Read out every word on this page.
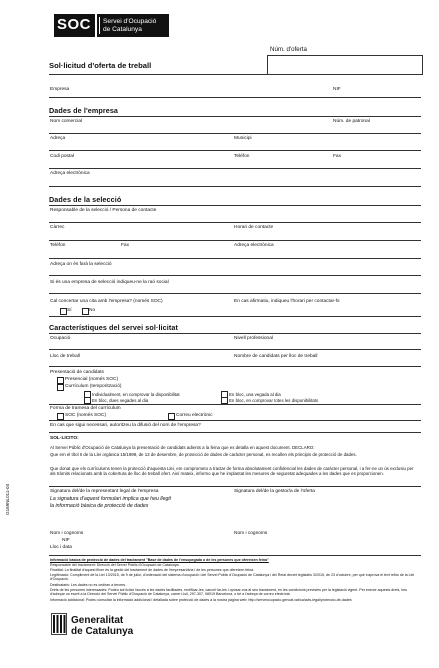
SOC Servei d'Ocupació
de Catalunya
Núm. d'oferta
Sol·licitud d'oferta de treball
Empresa	NIF
Dades de l'empresa
Nom comercial	Núm. de patronal
Adreça	Municipi
Codi postal	Telèfon	Fax
Adreça electrònica
Dades de la selecció
Responsable de la selecció / Persona de contacte
Càrrec	Horari de contacte
Telèfon	Fax	Adreça electrònica
Adreça on és farà la selecció
Si és una empresa de selecció indiqueu-ne la raó social
Cal concertar una cita amb l'empresa? (només SOC)
Sí	No
En cas afirmatiu, indiqueu l'horari per contactar-hi
Característiques del servei sol·licitat
Ocupació	Nivell professional
Lloc de treball	Nombre de candidats per lloc de treball
Presentació de candidats
Presencial (només SOC)
Currículum (temporització)
Individualment, en comprovar la disponibilitat
En bloc, dues vegades al dia
En bloc, una vegada al dia
En bloc, en comprovar totes les disponibilitats
Forma de tramesa del currículum
SOC (només SOC)	Correu electrònic
En cas que sigui necessari, autoritzeu la difusió del nom de l'empresa?
SOL·LICITO:
Al Servei Públic d'Ocupació de Catalunya la presentació de candidats adients a la feina que es detalla en aquest document. DECLARO:
Que em el títol II de la Llei orgànica 15/1999, de 13 de desembre, de protecció de dades de caràcter personal, es recullen els principis de protecció de dades.
Que donat que els currículums tenen la protecció d'aquesta Llei, em comprometo a tractar de forma absolutament confidencial les dades de caràcter personal, i a fer-ne un ús exclusiu per als tràmits relacionats amb la cobertura de lloc de treball ofert. Així mateix, informo que he implantat les mesures de seguretat adequades a les dades que es proporcionen.
Signatura del/de la representant legal de l'empresa	Signatura del/de la gestor/a de l'oferta
La signatura d'aquest formulari implica que heu llegit
la informació bàsica de protecció de dades
Nom i cognoms
NIF
Lloc i data
Nom i cognoms
Informació bàsica de protecció de dades del tractament "Base de dades de l'ensopegada o de les persones que ofereixen feina"
Responsable del tractament: Direcció del Servei Públic d'Ocupació de Catalunya.
Finalitat: La finalitat d'aquest fitxer és la gestió del tractament de dades de l'empresari/ària i de les persones que ofereixen feina.
Legitimació: Compliment de la Llei 13/2015, de 9 de juliol, d'ordenació del sistema d'ocupació i del Servei Públic d'Ocupació de Catalunya i del Reial decret legislatiu 3/2015, de 23 d'octubre, per què s'aprova el text refós de la Llei d'Ocupació.
Destinataris: Les dades no es cediran a tercers.
Drets de les persones interessades: Podeu sol·licitar l'accés a les dades facilitades, rectificar-les, cancel·lar-les i oposar-vos al seu tractament, en les condicions previstes per la legislació vigent. Per exercir aquests drets, heu d'adreçar un escrit a la Direcció del Servei Públic d'Ocupació de Catalunya, carrer Llull, 297-307, 08019 Barcelona, o bé a l'adreça de correu electrònic
Informació addicional: Podeu consultar la informació addicional i detallada sobre protecció de dades a la nostra pàgina web: http://serveiocupacio.gencat.cat/ca/avis-legal/proteccio-de-dades
G169NL011-04
Generalitat
de Catalunya
